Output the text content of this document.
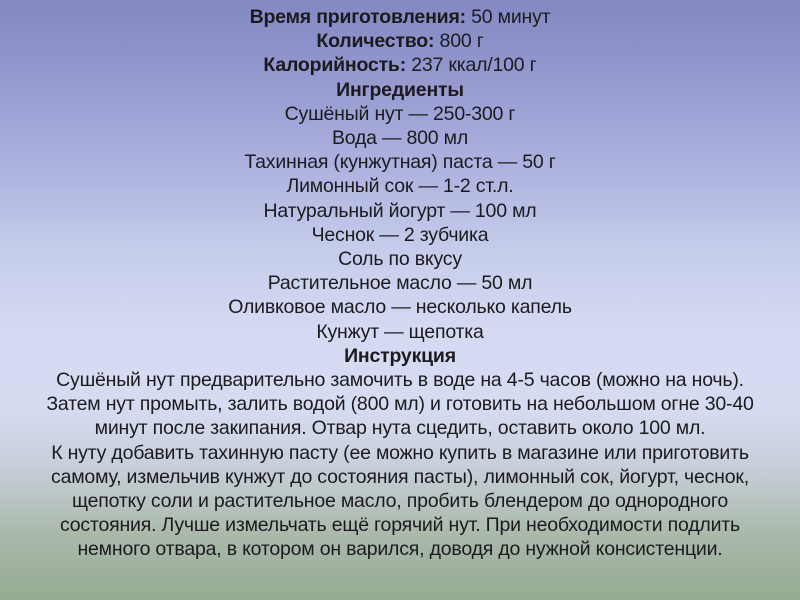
Время приготовления: 50 минут
Количество: 800 г
Калорийность: 237 ккал/100 г
Ингредиенты
Сушёный нут — 250-300 г
Вода — 800 мл
Тахинная (кунжутная) паста — 50 г
Лимонный сок — 1-2 ст.л.
Натуральный йогурт — 100 мл
Чеснок — 2 зубчика
Соль по вкусу
Растительное масло — 50 мл
Оливковое масло — несколько капель
Кунжут — щепотка
Инструкция
Сушёный нут предварительно замочить в воде на 4-5 часов (можно на ночь).
Затем нут промыть, залить водой (800 мл) и готовить на небольшом огне 30-40
минут после закипания. Отвар нута сцедить, оставить около 100 мл.
К нуту добавить тахинную пасту (ее можно купить в магазине или приготовить
самому, измельчив кунжут до состояния пасты), лимонный сок, йогурт, чеснок,
щепотку соли и растительное масло, пробить блендером до однородного
состояния. Лучше измельчать ещё горячий нут. При необходимости подлить
немного отвара, в котором он варился, доводя до нужной консистенции.
